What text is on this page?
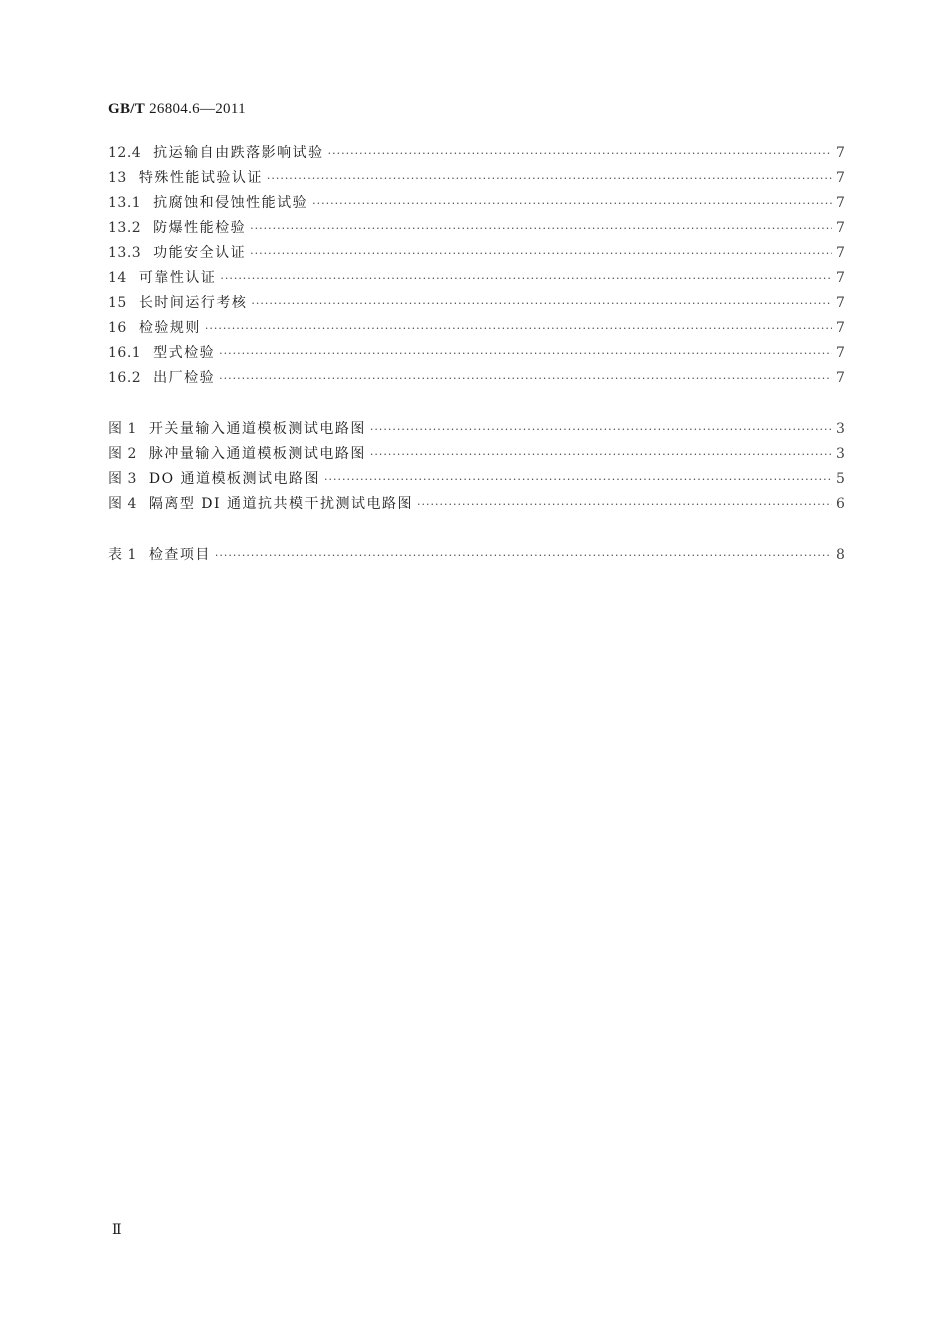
GB/T 26804.6—2011
12.4 抗运输自由跌落影响试验 ·····	7
13 特殊性能试验认证 ·····	7
13.1 抗腐蚀和侵蚀性能试验 ·····	7
13.2 防爆性能检验 ·····	7
13.3 功能安全认证 ·····	7
14 可靠性认证 ·····	7
15 长时间运行考核 ·····	7
16 检验规则 ·····	7
16.1 型式检验 ·····	7
16.2 出厂检验 ·····	7
图 1 开关量输入通道模板测试电路图 ·····	3
图 2 脉冲量输入通道模板测试电路图 ·····	3
图 3 DO 通道模板测试电路图 ·····	5
图 4 隔离型 DI 通道抗共模干扰测试电路图 ·····	6
表 1 检查项目 ·····	8
Ⅱ
